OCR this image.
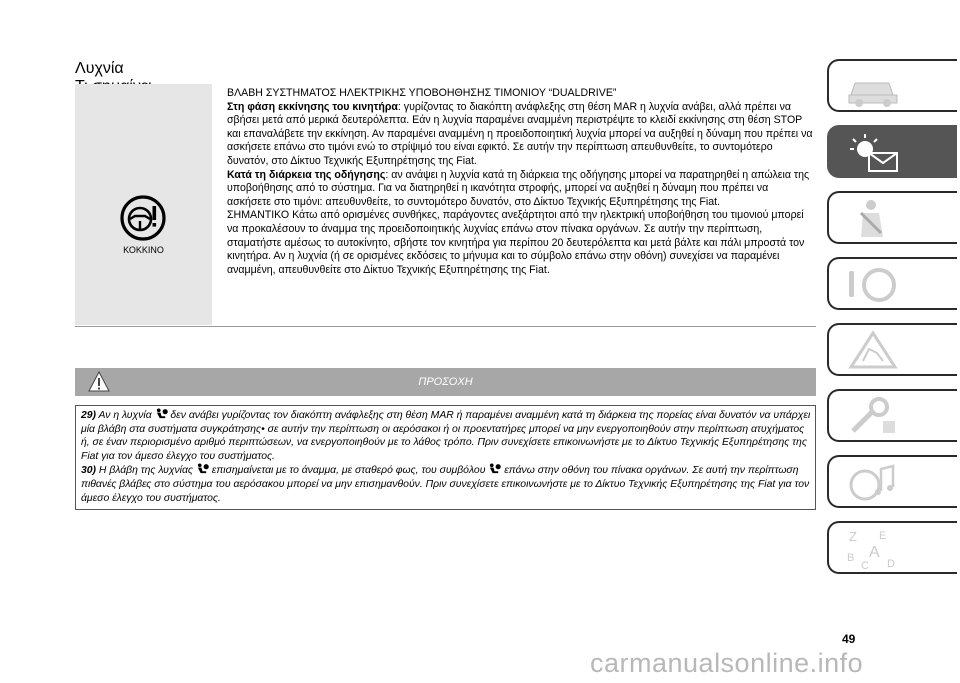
Λυχνία
ΚΟΚΚΙΝΟ

ΒΛΑΒΗ ΣΥΣΤΗΜΑΤΟΣ ΗΛΕΚΤΡΙΚΗΣ ΥΠΟΒΟΗΘΗΣΗΣ ΤΙΜΟΝΙΟΥ “DUALDRIVE”

Στη φάση εκκίνησης του κινητήρα: γυρίζοντας το διακόπτη ανάφλεξης στη θέση MAR η λυχνία ανάβει, αλλά πρέπει να σβήσει μετά από μερικά δευτερόλεπτα. Εάν η λυχνία παραμένει αναμμένη περιστρέψτε το κλειδί εκκίνησης στη θέση STOP και επαναλάβετε την εκκίνηση. Αν παραμένει αναμμένη η προειδοποιητική λυχνία μπορεί να αυξηθεί η δύναμη που πρέπει να ασκήσετε επάνω στο τιμόνι ενώ το στρίψιμό του είναι εφικτό. Σε αυτήν την περίπτωση απευθυνθείτε, το συντομότερο δυνατόν, στο Δίκτυο Τεχνικής Εξυπηρέτησης της Fiat.

Κατά τη διάρκεια της οδήγησης: αν ανάψει η λυχνία κατά τη διάρκεια της οδήγησης μπορεί να παρατηρηθεί η απώλεια της υποβοήθησης από το σύστημα. Για να διατηρηθεί η ικανότητα στροφής, μπορεί να αυξηθεί η δύναμη που πρέπει να ασκήσετε στο τιμόνι: απευθυνθείτε, το συντομότερο δυνατόν, στο Δίκτυο Τεχνικής Εξυπηρέτησης της Fiat.

ΣΗΜΑΝΤΙΚΟ Κάτω από ορισμένες συνθήκες, παράγοντες ανεξάρτητοι από την ηλεκτρική υποβοήθηση του τιμονιού μπορεί να προκαλέσουν το άναμμα της προειδοποιητικής λυχνίας επάνω στον πίνακα οργάνων. Σε αυτήν την περίπτωση, σταματήστε αμέσως το αυτοκίνητο, σβήστε τον κινητήρα για περίπου 20 δευτερόλεπτα και μετά βάλτε και πάλι μπροστά τον κινητήρα. Αν η λυχνία (ή σε ορισμένες εκδόσεις το μήνυμα και το σύμβολο επάνω στην οθόνη) συνεχίσει να παραμένει αναμμένη, απευθυνθείτε στο Δίκτυο Τεχνικής Εξυπηρέτησης της Fiat.

ΠΡΟΣΟΧΗ

29) Αν η λυχνία δεν ανάβει γυρίζοντας τον διακόπτη ανάφλεξης στη θέση MAR ή παραμένει αναμμένη κατά τη διάρκεια της πορείας είναι δυνατόν να υπάρχει μία βλάβη στα συστήματα συγκράτησης• σε αυτήν την περίπτωση οι αερόσακοι ή οι προεντατήρες μπορεί να μην ενεργοποιηθούν στην περίπτωση ατυχήματος ή, σε έναν περιορισμένο αριθμό περιπτώσεων, να ενεργοποιηθούν με το λάθος τρόπο. Πριν συνεχίσετε επικοινωνήστε με το Δίκτυο Τεχνικής Εξυπηρέτησης της Fiat για τον άμεσο έλεγχο του συστήματος.

30) Η βλάβη της λυχνίας επισημαίνεται με το άναμμα, με σταθερό φως, του συμβόλου επάνω στην οθόνη του πίνακα οργάνων. Σε αυτή την περίπτωση πιθανές βλάβες στο σύστημα του αερόσακου μπορεί να μην επισημανθούν. Πριν συνεχίσετε επικοινωνήστε με το Δίκτυο Τεχνικής Εξυπηρέτησης της Fiat για τον άμεσο έλεγχο του συστήματος.

Z E
B A
C D
49
carmanualsonline.info
